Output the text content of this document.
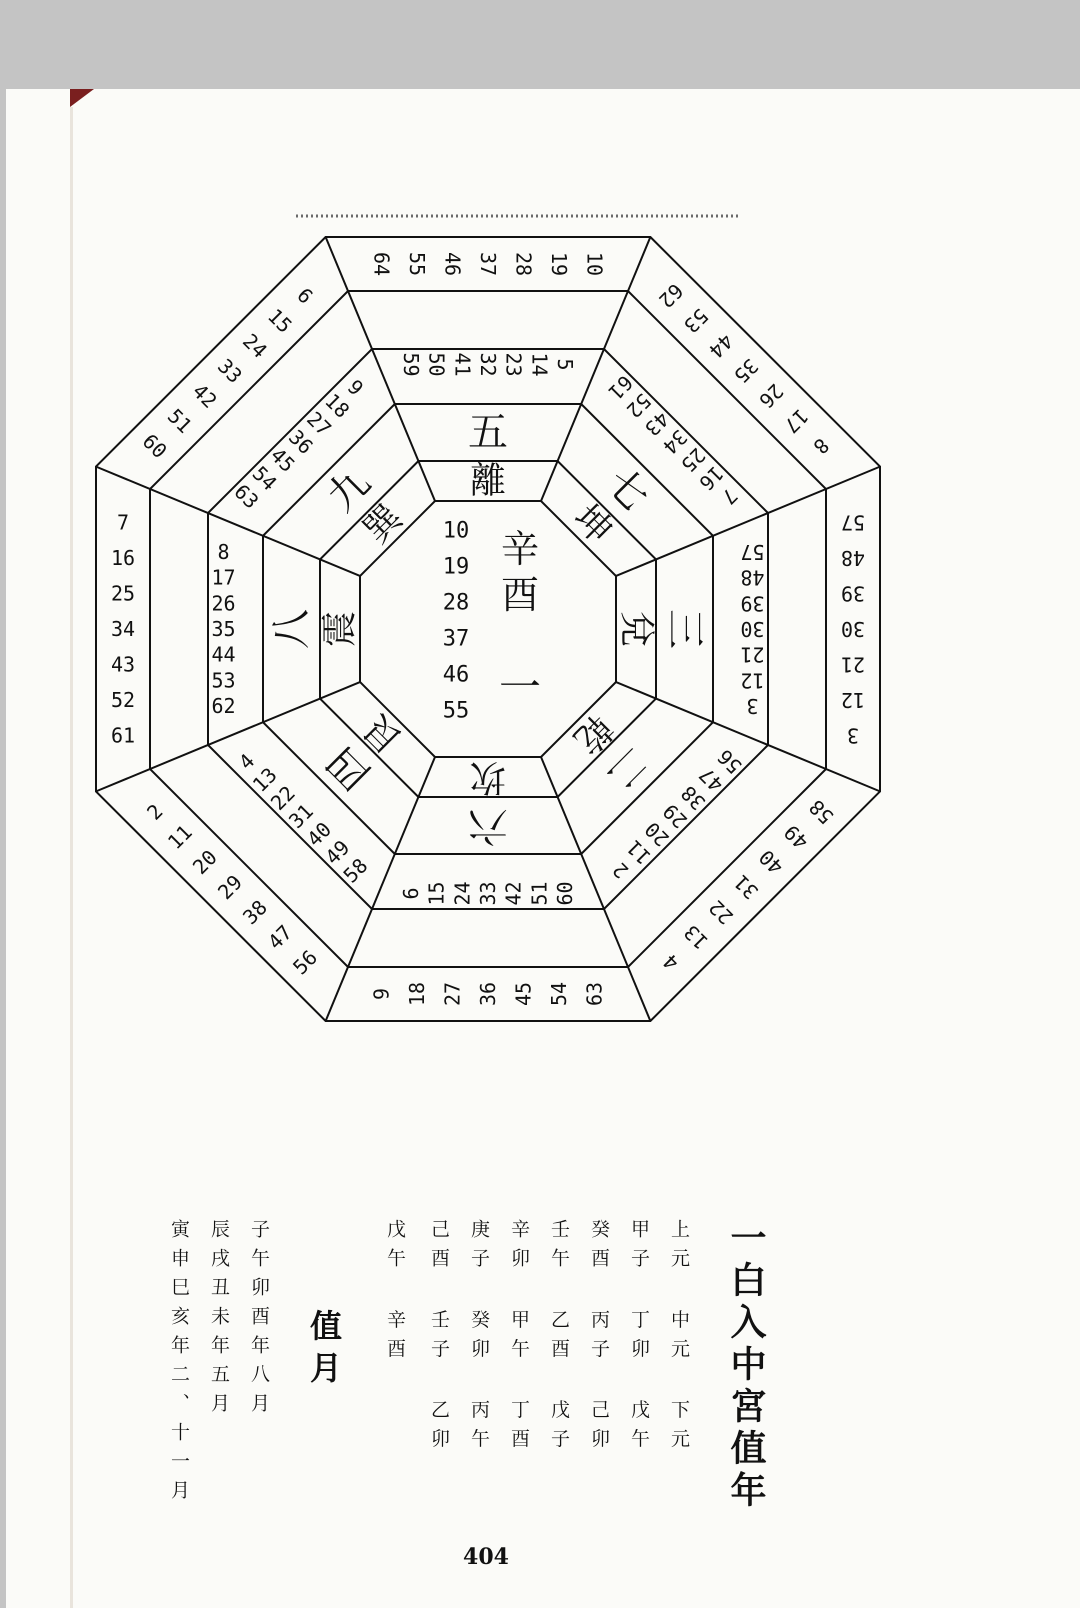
辛
酉
一
10
19
28
37
46
55
坎
六
6 15 24 33 42 51 60
9 18 27 36 45 54 63
艮
四
4
13
22
31
40
49
58
2
11
20
29
38
47
56
震
八
8
17
26
35
44
53
62
7
16
25
34
43
52
61
巽
九
9
18
27
36
45
54
63
6
15
24
33
42
51
60
離
五
5
14
23
32
41
50
59
10
19
28
37
46
55
64
坤
七	7
16
25
34
43
52
61
8
17
26
35
44
53
62
兌 三
3
12
21
30
39
48
57
3
12
21
30
39
48
57
乾
二
2
11
20
29
38
47
56
4
13
22
31
40
49
58
一白入中宮值年
上元  中元  下元
甲子  丁卯  戊午
癸酉  丙子  己卯
壬午  乙酉  戊子
辛卯  甲午  丁酉
庚子  癸卯  丙午
己酉  壬子  乙卯
戊午  辛酉
值月
子午卯酉年八月
辰戌丑未年五月
寅申巳亥年二、十一月
404
